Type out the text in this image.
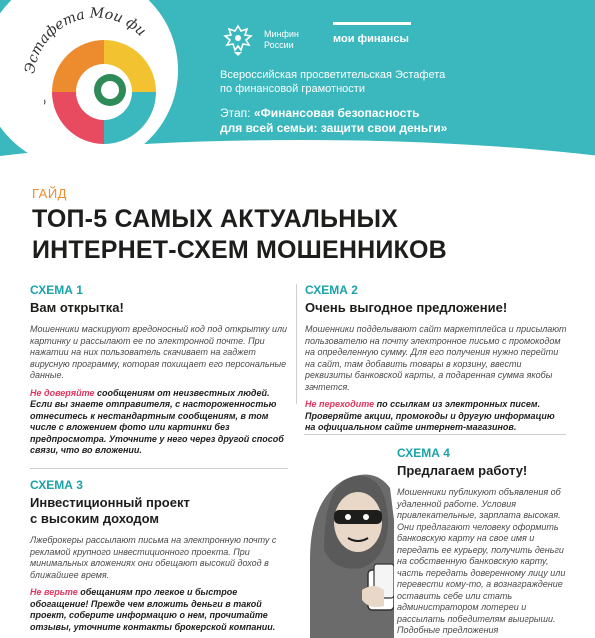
Минфин
России	мои финансы
Всероссийская просветительская Эстафета
по финансовой грамотности
Этап: «Финансовая безопасность
для всей семьи: защити свои деньги»
Эстафета Мои фи
ГАЙД
ТОП-5 САМЫХ АКТУАЛЬНЫХ
ИНТЕРНЕТ-СХЕМ МОШЕННИКОВ
СХЕМА 1
Вам открытка!
Мошенники маскируют вредоносный код под открытку или картинку и рассылают ее по электронной почте. При нажатии на них пользователь скачивает на гаджет вирусную программу, которая похищает его персональные данные.
Не доверяйте сообщениям от неизвестных людей. Если вы знаете отправителя, с настороженностью отнеситесь к нестандартным сообщениям, в том числе с вложением фото или картинки без предпросмотра. Уточните у него через другой способ связи, что во вложении.
СХЕМА 2
Очень выгодное предложение!
Мошенники подделывают сайт маркетплейса и присылают пользователю на почту электронное письмо с промокодом на определенную сумму. Для его получения нужно перейти на сайт, там добавить товары в корзину, ввести реквизиты банковской карты, а подаренная сумма якобы зачтется.
Не переходите по ссылкам из электронных писем. Проверяйте акции, промокоды и другую информацию на официальном сайте интернет-магазинов.
СХЕМА 3
Инвестиционный проект
с высоким доходом
Лжеброкеры рассылают письма на электронную почту с рекламой крупного инвестиционного проекта. При минимальных вложениях они обещают высокий доход в ближайшее время.
Не верьте обещаниям про легкое и быстрое обогащение! Прежде чем вложить деньги в такой проект, соберите информацию о нем, прочитайте отзывы, уточните контакты брокерской компании.
СХЕМА 4
Предлагаем работу!
Мошенники публикуют объявления об удаленной работе. Условия привлекательные, зарплата высокая. Они предлагают человеку оформить банковскую карту на свое имя и передать ее курьеру, получить деньги на собственную банковскую карту, часть передать доверенному лицу или перевести кому-то, а вознаграждение оставить себе или стать администратором лотереи и рассылать победителям выигрыши. Подобные предложения
